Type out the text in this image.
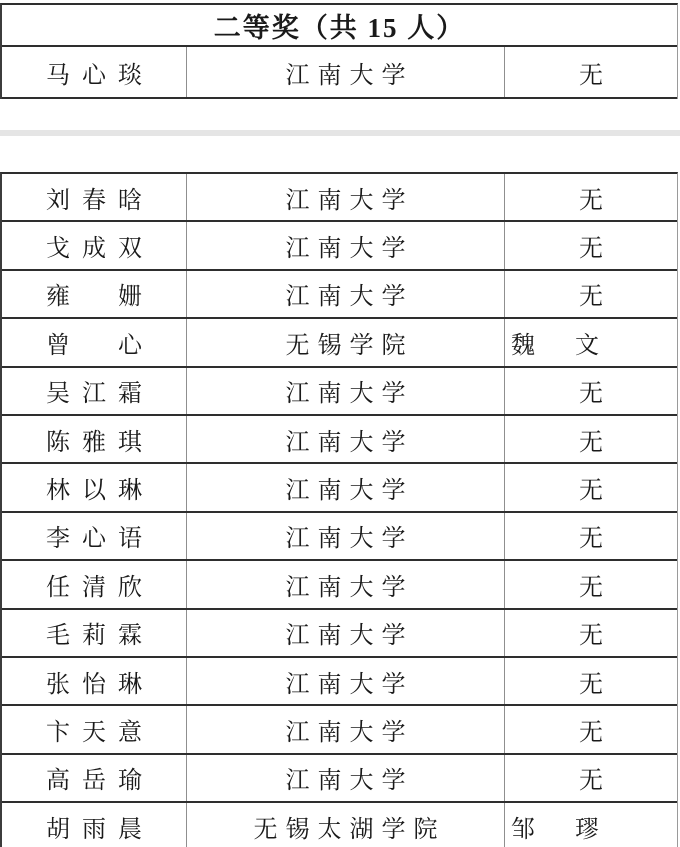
二等奖（共 15 人）
马心琰	江南大学	无
刘春晗	江南大学	无
戈成双	江南大学	无
雍　姗	江南大学	无
曾　心	无锡学院	魏　文
吴江霜	江南大学	无
陈雅琪	江南大学	无
林以琳	江南大学	无
李心语	江南大学	无
任清欣	江南大学	无
毛莉霖	江南大学	无
张怡琳	江南大学	无
卞天意	江南大学	无
高岳瑜	江南大学	无
胡雨晨	无锡太湖学院	邹　璆
